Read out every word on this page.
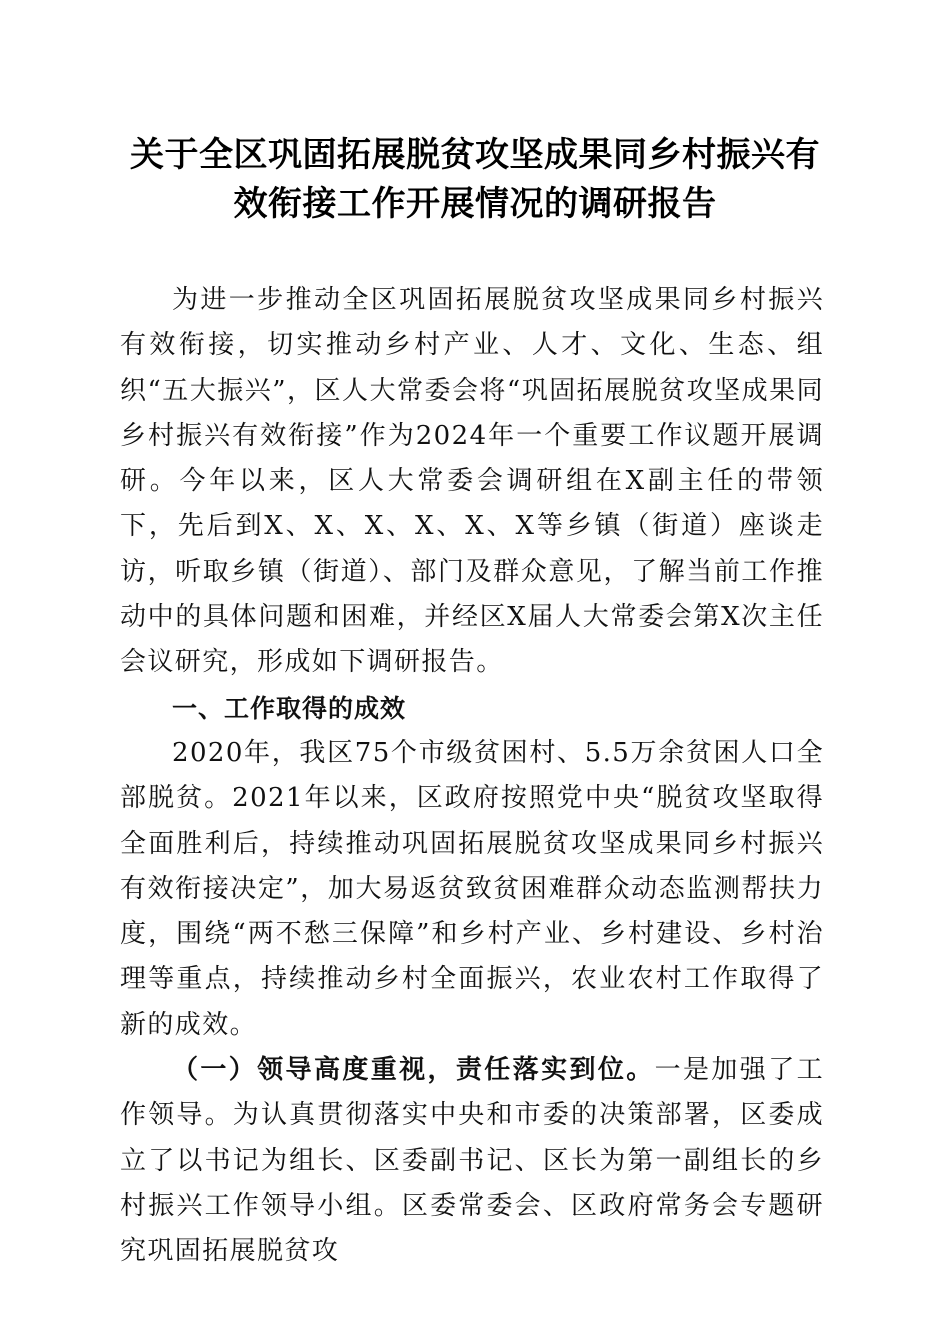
关于全区巩固拓展脱贫攻坚成果同乡村振兴有
效衔接工作开展情况的调研报告

为进一步推动全区巩固拓展脱贫攻坚成果同乡村振兴有效衔接，切实推动乡村产业、人才、文化、生态、组织“五大振兴”，区人大常委会将“巩固拓展脱贫攻坚成果同乡村振兴有效衔接”作为2024年一个重要工作议题开展调研。今年以来，区人大常委会调研组在X副主任的带领下，先后到X、X、X、X、X、X等乡镇（街道）座谈走访，听取乡镇（街道）、部门及群众意见，了解当前工作推动中的具体问题和困难，并经区X届人大常委会第X次主任会议研究，形成如下调研报告。

一、工作取得的成效

2020年，我区75个市级贫困村、5.5万余贫困人口全部脱贫。2021年以来，区政府按照党中央“脱贫攻坚取得全面胜利后，持续推动巩固拓展脱贫攻坚成果同乡村振兴有效衔接决定”，加大易返贫致贫困难群众动态监测帮扶力度，围绕“两不愁三保障”和乡村产业、乡村建设、乡村治理等重点，持续推动乡村全面振兴，农业农村工作取得了新的成效。

（一）领导高度重视，责任落实到位。一是加强了工作领导。为认真贯彻落实中央和市委的决策部署，区委成立了以书记为组长、区委副书记、区长为第一副组长的乡村振兴工作领导小组。区委常委会、区政府常务会专题研究巩固拓展脱贫攻
